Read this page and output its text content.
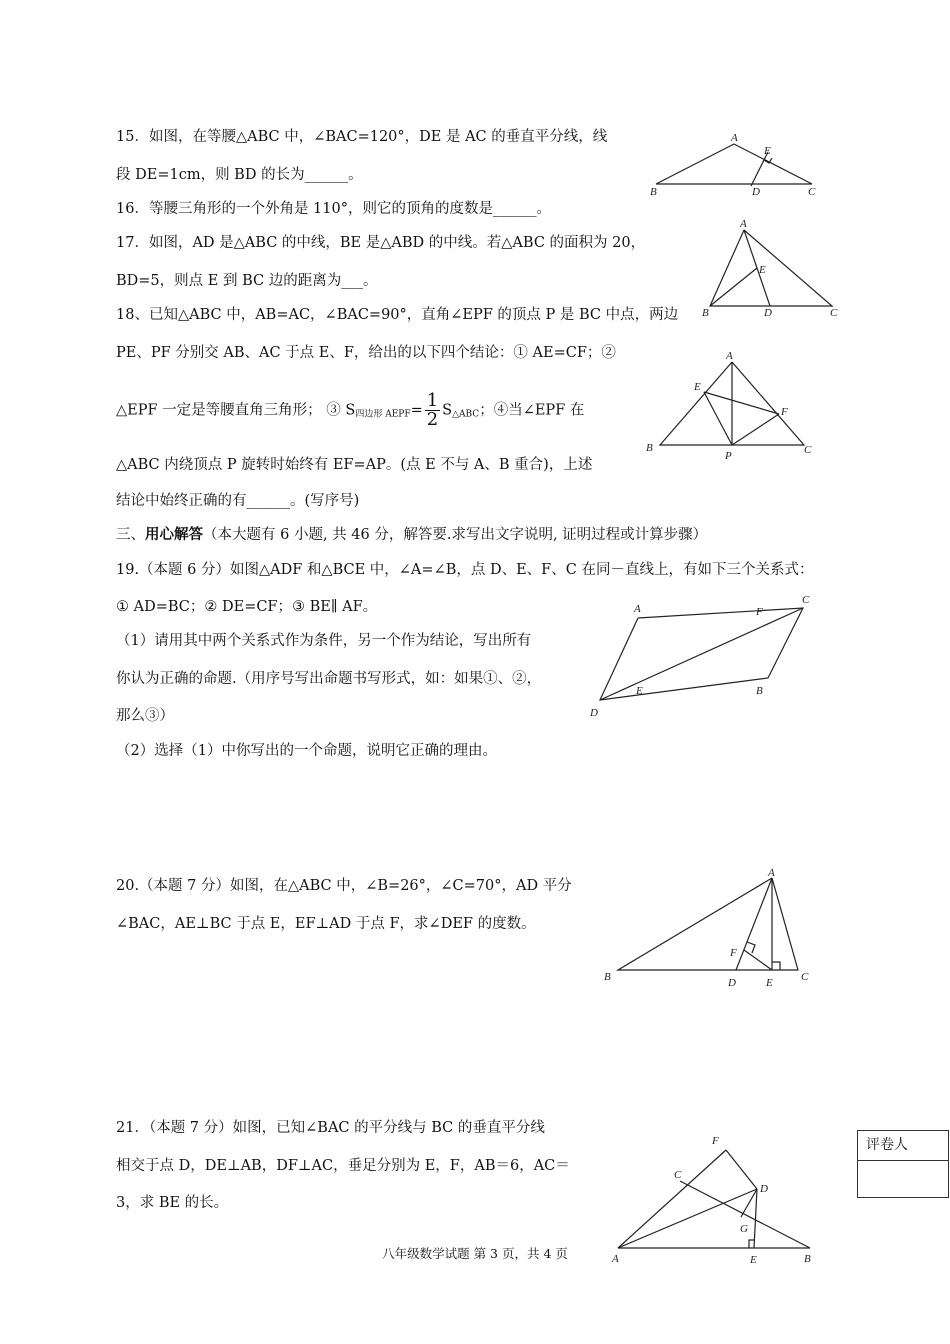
15．如图，在等腰△ABC 中，∠BAC=120°，DE 是 AC 的垂直平分线，线
段 DE=1cm，则 BD 的长为______。
A
B	C
D
E
16．等腰三角形的一个外角是 110°，则它的顶角的度数是______。
17．如图，AD 是△ABC 的中线，BE 是△ABD 的中线。若△ABC 的面积为 20，
BD=5，则点 E 到 BC 边的距离为___。
A
B	C
D
E
18、已知△ABC 中，AB=AC，∠BAC=90°，直角∠EPF 的顶点 P 是 BC 中点，两边
PE、PF 分别交 AB、AC 于点 E、F，给出的以下四个结论：① AE=CF；②
△EPF 一定是等腰直角三角形； ③ $S_{四边形 AEPF}= \frac{1}{2} S_{\triangle ABC}$；④当∠EPF 在
△ABC 内绕顶点 P 旋转时始终有 EF=AP。(点 E 不与 A、B 重合)，上述
结论中始终正确的有______。(写序号)
A
B	C
E
F
P
三、用心解答（本大题有 6 小题, 共 46 分，解答要.求写出文字说明, 证明过程或计算步骤）
19.（本题 6 分）如图△ADF 和△BCE 中，∠A=∠B，点 D、E、F、C 在同－直线上，有如下三个关系式：
① AD=BC；② DE=CF；③ BE∥ AF。
（1）请用其中两个关系式作为条件，另一个作为结论，写出所有
你认为正确的命题.（用序号写出命题书写形式，如：如果①、②，
那么③）
（2）选择（1）中你写出的一个命题，说明它正确的理由。
A
B
C
D
E
F
20.（本题 7 分）如图，在△ABC 中，∠B=26°，∠C=70°，AD 平分
∠BAC，AE⊥BC 于点 E，EF⊥AD 于点 F，求∠DEF 的度数。
A
B	C
D	E
F
21．（本题 7 分）如图，已知∠BAC 的平分线与 BC 的垂直平分线
相交于点 D，DE⊥AB，DF⊥AC，垂足分别为 E，F，AB＝6，AC＝
3，求 BE 的长。
A	B
C
D
E
F
G
评卷人
八年级数学试题 第 3 页，共 4 页
